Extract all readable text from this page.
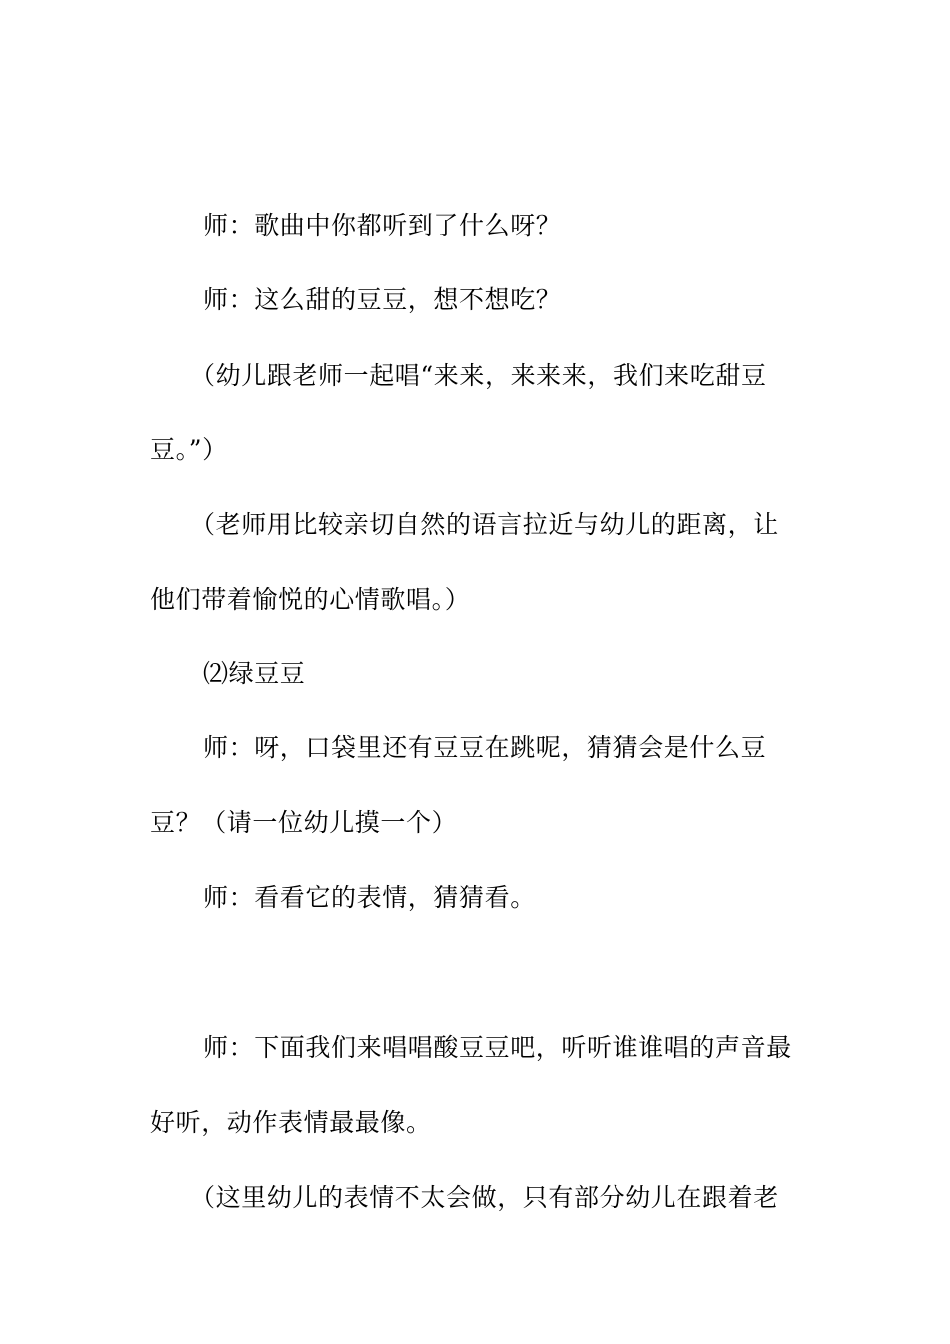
师：歌曲中你都听到了什么呀？
师：这么甜的豆豆，想不想吃？
（幼儿跟老师一起唱“来来，来来来，我们来吃甜豆
豆。”）
（老师用比较亲切自然的语言拉近与幼儿的距离，让
他们带着愉悦的心情歌唱。）
⑵绿豆豆
师：呀，口袋里还有豆豆在跳呢，猜猜会是什么豆
豆？（请一位幼儿摸一个）
师：看看它的表情，猜猜看。
师：下面我们来唱唱酸豆豆吧，听听谁谁唱的声音最
好听，动作表情最最像。
（这里幼儿的表情不太会做，只有部分幼儿在跟着老
